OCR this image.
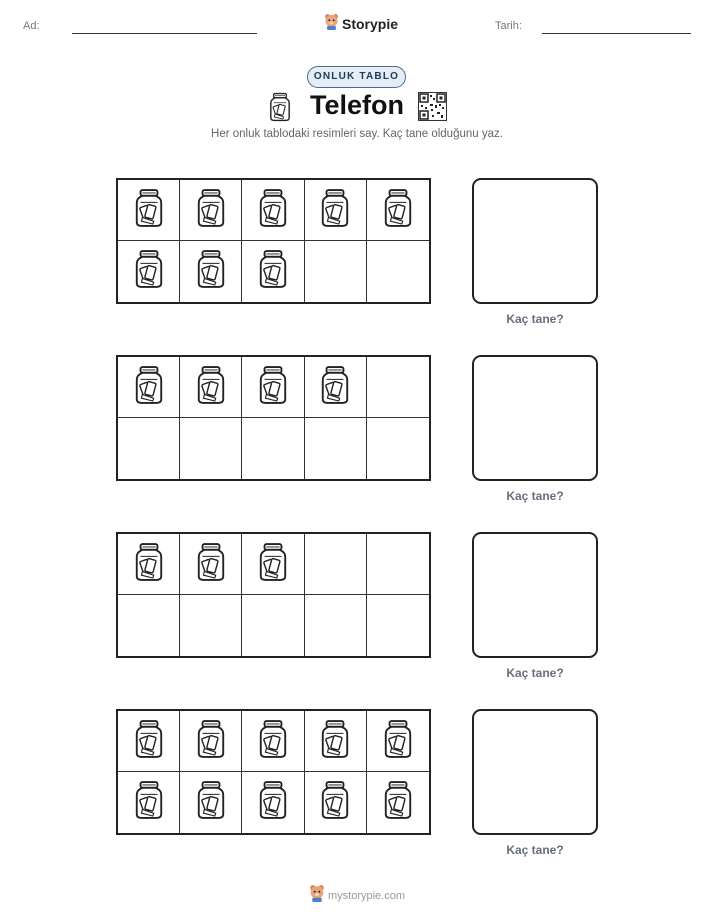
Ad:	Storypie	Tarih:
ONLUK TABLO
Telefon
Her onluk tablodaki resimleri say. Kaç tane olduğunu yaz.
Kaç tane?
Kaç tane?
Kaç tane?
Kaç tane?
mystorypie.com
